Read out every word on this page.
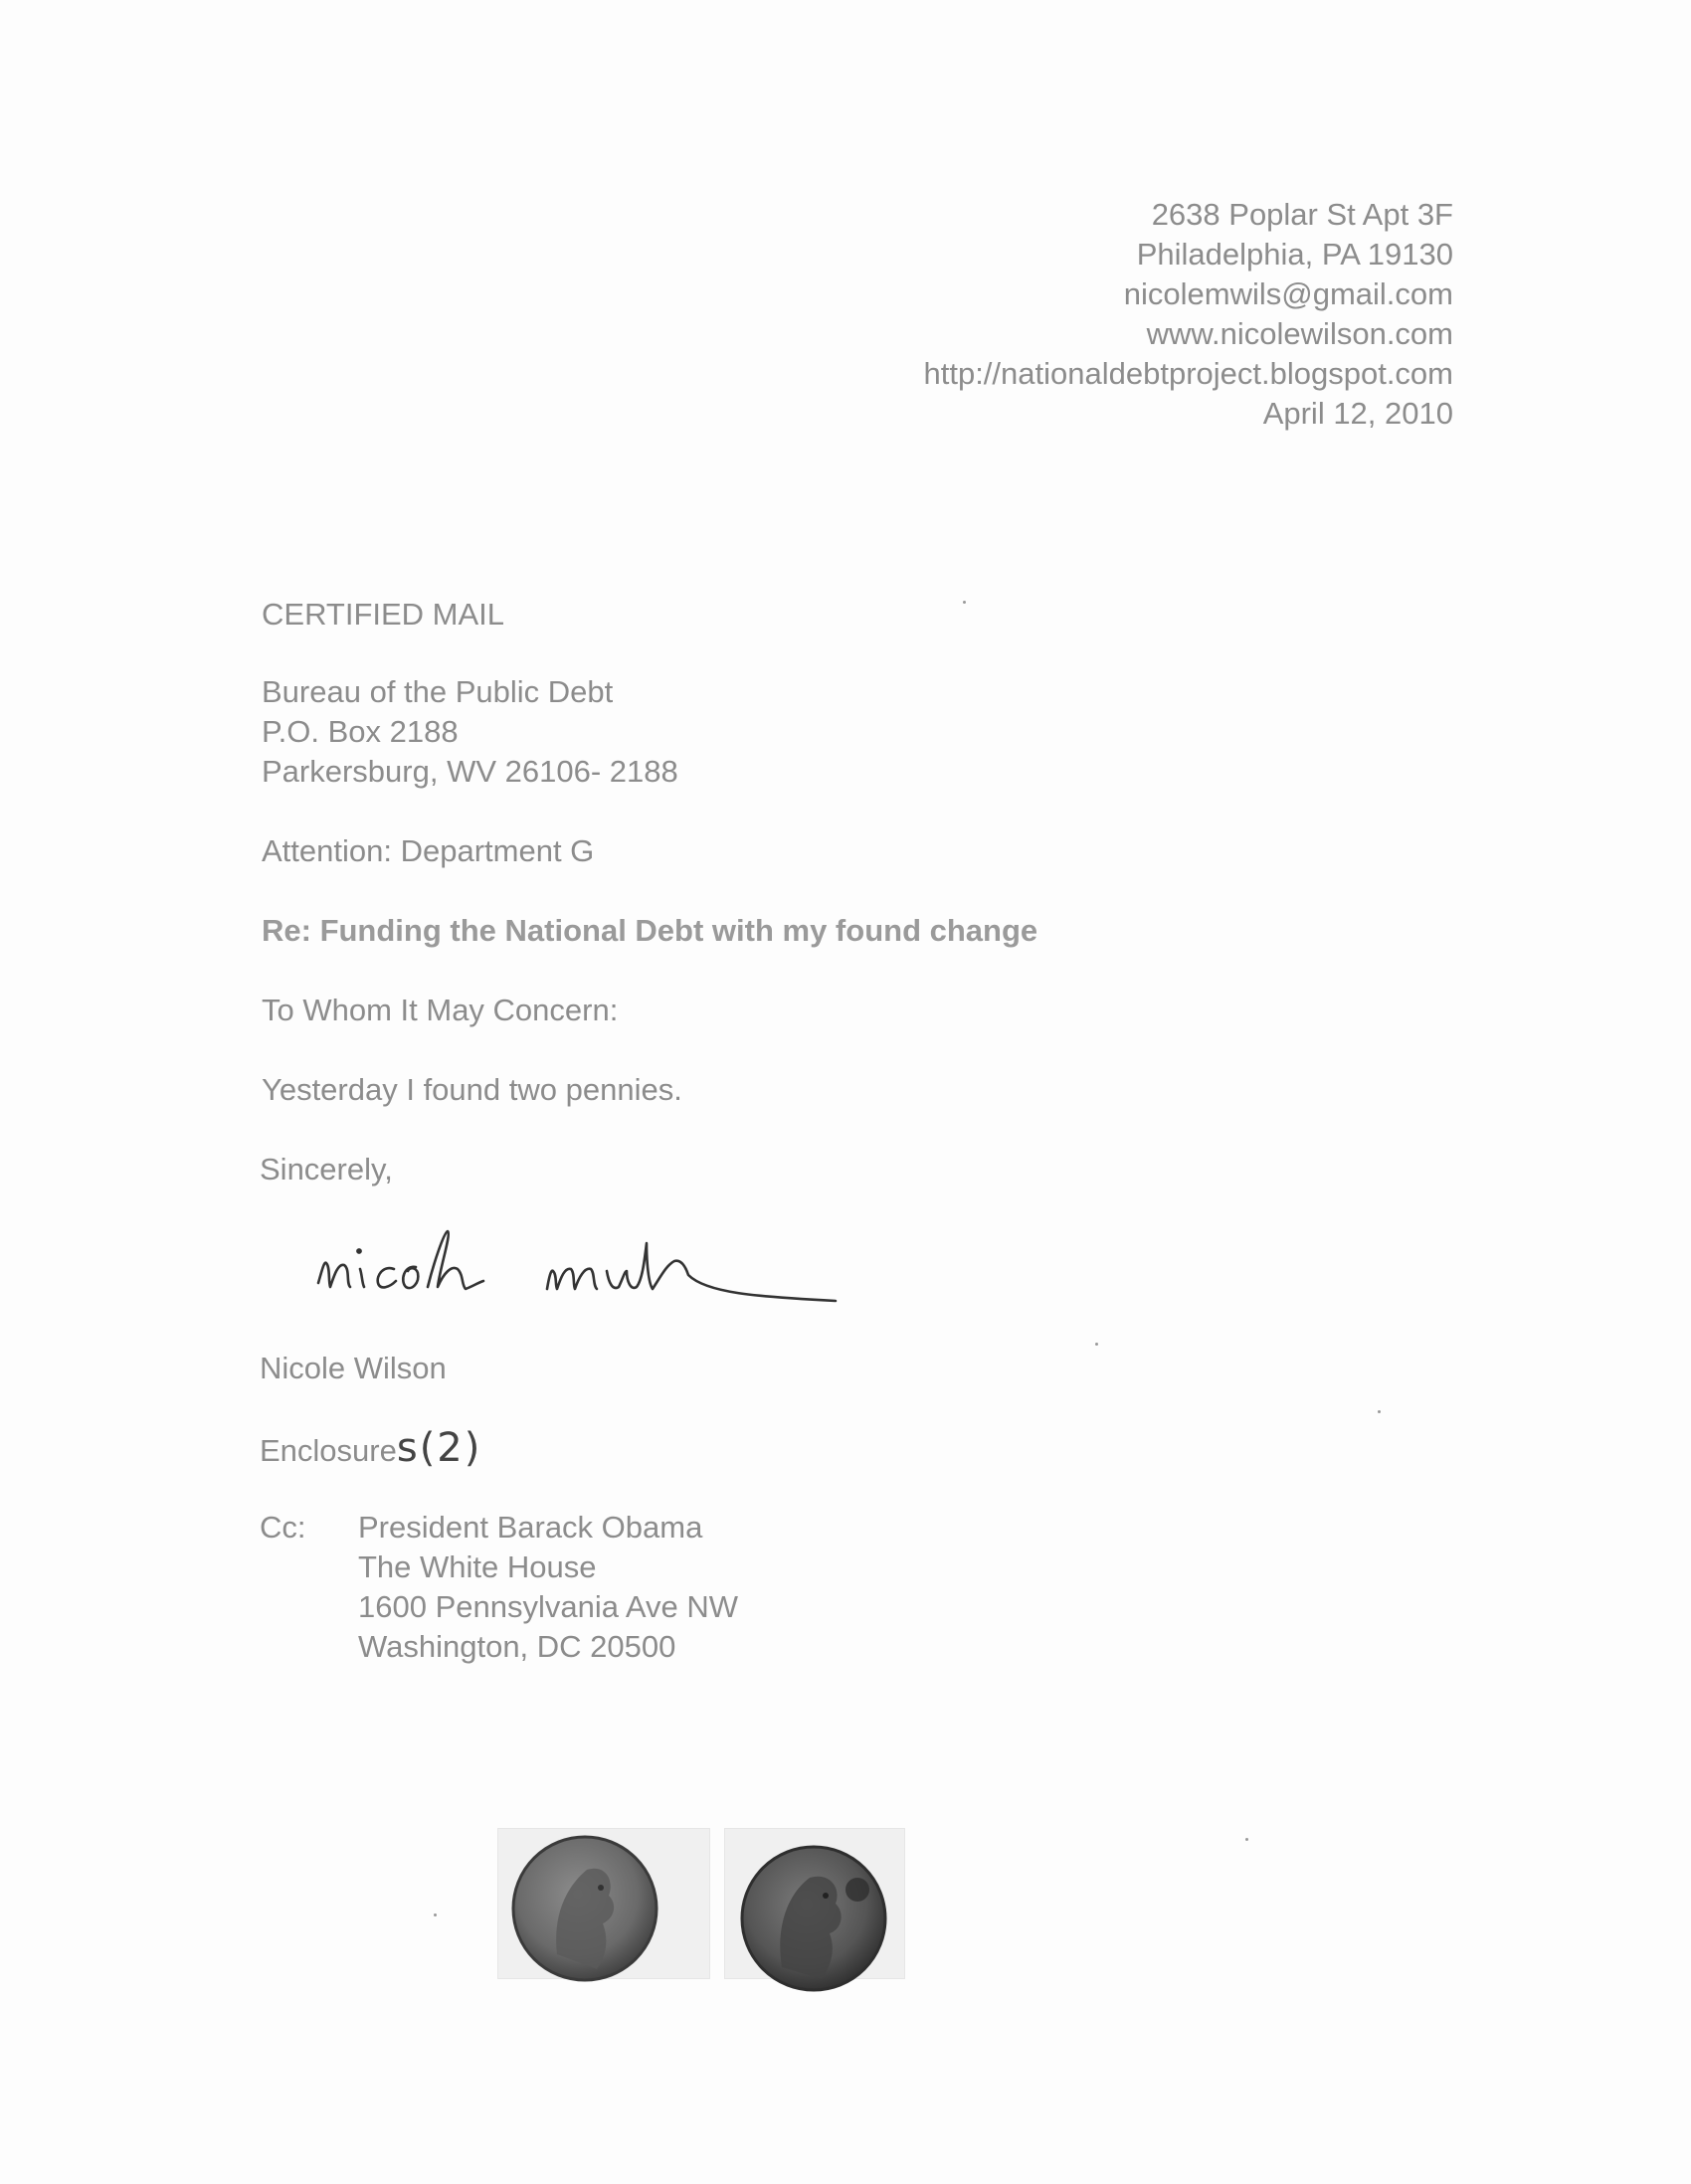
2638 Poplar St Apt 3F
Philadelphia, PA 19130
nicolemwils@gmail.com
www.nicolewilson.com
http://nationaldebtproject.blogspot.com
April 12, 2010
CERTIFIED MAIL
Bureau of the Public Debt
P.O. Box 2188
Parkersburg, WV 26106- 2188
Attention: Department G
Re: Funding the National Debt with my found change
To Whom It May Concern:
Yesterday I found two pennies.
Sincerely,
Nicole Wilson
Enclosures(2)
Cc: President Barack Obama
The White House
1600 Pennsylvania Ave NW
Washington, DC 20500
